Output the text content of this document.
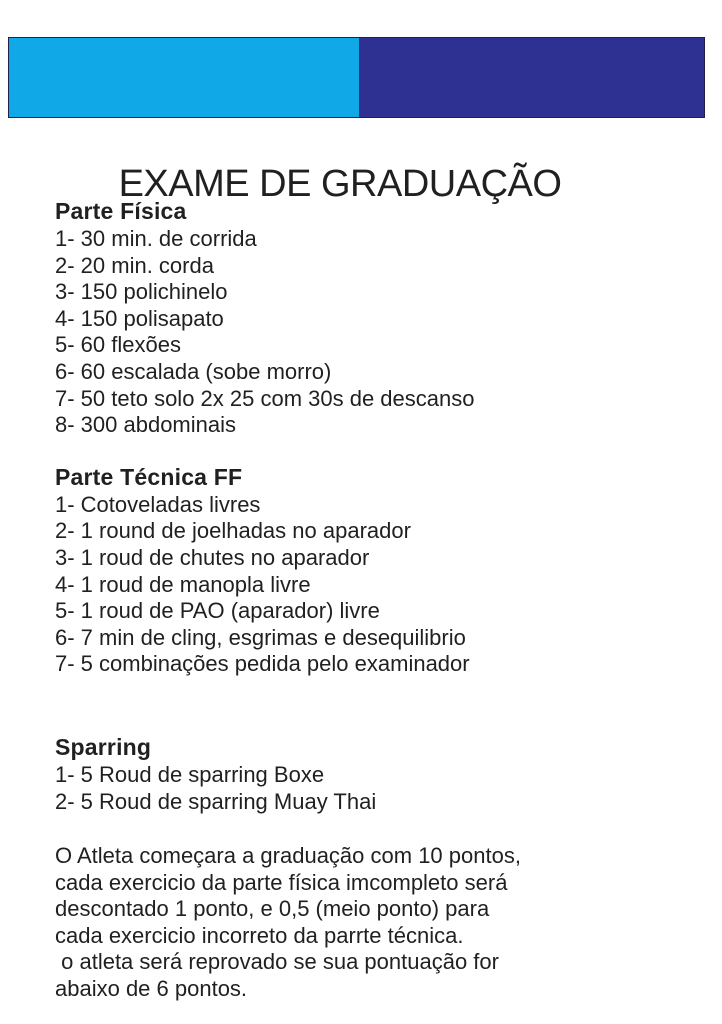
EXAME DE GRADUAÇÃO
Parte Física
1- 30 min. de corrida
2- 20 min. corda
3- 150 polichinelo
4- 150 polisapato
5- 60 flexões
6- 60 escalada (sobe morro)
7- 50 teto solo 2x 25 com 30s de descanso
8- 300 abdominais
Parte Técnica FF
1- Cotoveladas livres
2- 1 round de joelhadas no aparador
3- 1 roud de chutes no aparador
4- 1 roud de manopla livre
5- 1 roud de PAO (aparador) livre
6- 7 min de cling, esgrimas e desequilibrio
7- 5 combinações pedida pelo examinador
Sparring
1- 5 Roud de sparring Boxe
2- 5 Roud de sparring Muay Thai
O Atleta começara a graduação com 10 pontos,
cada exercicio da parte física imcompleto será
descontado 1 ponto, e 0,5 (meio ponto) para
cada exercicio incorreto da parrte técnica.
o atleta será reprovado se sua pontuação for
abaixo de 6 pontos.
